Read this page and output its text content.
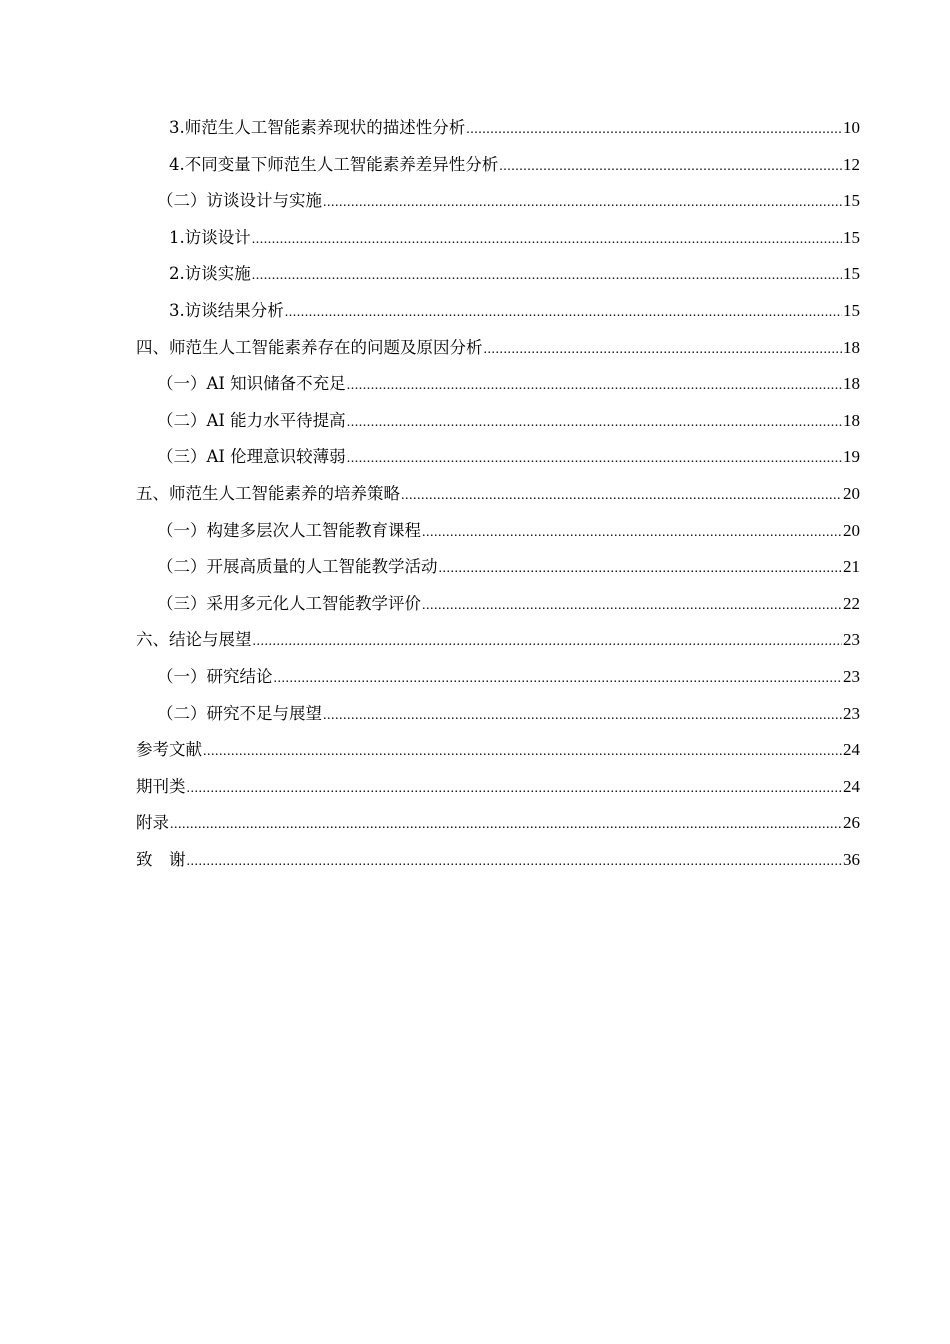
3.师范生人工智能素养现状的描述性分析 .....	10
4.不同变量下师范生人工智能素养差异性分析 .....	12
（二）访谈设计与实施 .....	15
1.访谈设计 .....	15
2.访谈实施 .....	15
3.访谈结果分析 .....	15
四、师范生人工智能素养存在的问题及原因分析 .....	18
（一）AI 知识储备不充足 .....	18
（二）AI 能力水平待提高 .....	18
（三）AI 伦理意识较薄弱 .....	19
五、师范生人工智能素养的培养策略 .....	20
（一）构建多层次人工智能教育课程 .....	20
（二）开展高质量的人工智能教学活动 .....	21
（三）采用多元化人工智能教学评价 .....	22
六、结论与展望 .....	23
（一）研究结论 .....	23
（二）研究不足与展望 .....	23
参考文献 .....	24
期刊类 .....	24
附录 .....	26
致　谢 .....	36
